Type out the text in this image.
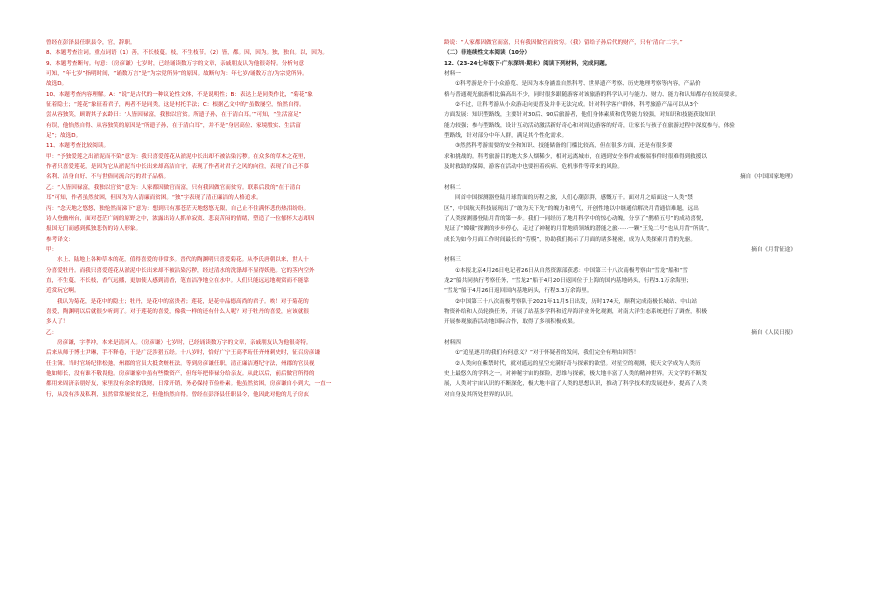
曾经在彭泽县任职县令，官，辞职。
8、本题考查注词。重点词语（1）善，不长枝蔓。枝，不生枝节。（2）皆，都。因，因为。独，独自。以，因为。
9、本题考查断句。句意：（房彦谦）七岁时，已经诵读数万字的文章，亲戚朋友认为他很奇特。分析句意
可知，“年七岁”指明时间，“诵数万言”是“为宗党所异”的原因。故断句为：年七岁/诵数万言/为宗党所异。
故选D。
10、本题考查内容理解。A：“说”是古代的一种议论性文体，不是说明性；B：表达上是同类作比，“菊花”象
征着隐士；“莲花”象征着君子，两者不是同类，这是衬托手法；C：根据乙文中的“虽数屡空，怡然自得。
尝从容独笑，顾谓其子玄龄曰：‘人皆因禄富，我独以官贫。所遗子孙，在于清白耳。’”可知，“生活富足”
有误，他怡然自得、从容独笑的原因是“所遗子孙，在于清白耳”，并不是“身居高位、家境殷实、生活富
足”；故选D。
11、本题考查比较阅读。
甲：“予独爱莲之出淤泥而不染”意为：我只喜爱莲花从淤泥中长出却不被沾染污秽。在众多的草木之花里，
作者只喜爱莲花，是因为它从淤泥当中长出来却高洁自守，表现了作者对君子之风的向往，表现了自己不慕
名利、洁身自好、不与世俗同流合污的君子品格。
乙：“人皆因禄富，我独以官贫”意为：人家都因做官而富，只有我因做官而贫穷。联系后段的“在于清白
耳”可知，作者虽然贫困，但因为为人清廉而贫困。“独”字表现了清正廉洁的人格追求。
丙：“念天地之悠悠，独怆然而涕下”意为：想到只有那苍茫天地悠悠无限，自己止不住满怀悲伤热泪纷纷。
诗人登幽州台，面对苍茫广阔的原野之中，浓露出诗人抓单寂寞、悲哀苦闷的情绪，塑造了一位郁怀大志却因
报国无门而感到孤独悲伤的诗人形象。
参考译文：
甲：
水上、陆地上各种草本的花，值得喜爱的非常多。晋代的陶渊明只喜爱菊花。从李氏唐朝以来，世人十
分喜爱牡丹。而我只喜爱莲花从淤泥中长出来却不被沾染污秽，经过清水的洗涤却不显得妖艳。它的茎内空外
直，不生蔓，不长枝，香气远播，更加使人感到清香，笔直洁净地立在水中。人们只能远远地观赏而不能靠
近赏玩它啊。
我认为菊花，是花中的隐士；牡丹，是花中的富贵者；莲花，是花中品德高尚的君子。唉！对于菊花的
喜爱，陶渊明以后就很少听到了。对于莲花的喜爱，像我一样的还有什么人呢？对于牡丹的喜爱，应该就很
多人了！
乙：
房彦谦，字孝冲，本来是清河人。（房彦谦）七岁时，已经诵读数万字的文章，亲戚朋友认为他很奇特。
后来从师于博士尹琳，手不释卷，于是广泛涉猎五经。十八岁时，恰好广宁王高孝珩任齐州刺史时，征召房彦谦
任主簿。当时官场纪律松弛，州郡的官员大抵贪赃枉法。等到房彦谦任职，清正廉洁遵纪守法，州郡的官员视
他如师长，没有谁不敬畏他。房彦谦家中虽有些微资产，但每年把俸禄分给亲友。从此以后，前后做官所得的
都用来周济亲朋好友，家里没有余余的钱财，日常开销，务必保持节俭朴素。他虽然贫困，房彦谦自小到大，一直一
行，从没有涉及私利，虽然常常屡贫贫乏，但他怡然自得。曾经在彭泽县任职县令，他因此对他的儿子房玄
龄说：“人家都因做官而富，只有我因做官而贫穷。（我）留给子孙后代的财产，只有‘清白’二字。”
（二）非连续性文本阅读（10分）
12.（23-24七年级下·广东深圳·期末）阅读下列材料，完成问题。
材料一
①科考游是介于小众游览、是因为本身涵盖自然科考、世界遗产考察、历史地理考察等内容，产品价
格与普通观光旅游相比偏高出不少，同时很多跟随游客对该旅游的科学认可与能力、财力、能力和认知都存在较高要求。
②不过，让科考游从小众游走向更普及并非无法完成。针对科学客户群体，科考旅游产品可以从3个
方面发展：知识型路线，主要针对30后、90后旅游者，他们身体素质和优势能力较强，对知识和技能获取知识
能力较强；参与型路线，设计互动活动激活新好奇心和对周边游客的好奇，让家长与孩子在旅游过程中深度参与，体验
型路线，针对部分中年人群，满足其个性化需求。
③然然科考游需要的安全和知识、技能储备的门槛比较高，但在很多方面，还是有很多要
求和挑战的。科考旅游目的地大多人烟稀少，相对远离城市，在遇到安全事件或极端事件时很难得到救援以
及时救助的保障，游客在活动中也要担着疾病、危机事件等带来的风险。
摘自《中国国家地理》
材料二
回首中国探测器登陆月球背面的历程之旅，人们心潮彭湃，感慨万千。面对月之暗面这一人类“禁
区”，中国航天科技展现出了“敢为天下先”的魄力和勇气，开创性地以中继通信解决月背通信难题，远出
了人类探测器登陆月背的第一步。我们一同经历了地月科学中的惊心动魄，分享了“鹊桥五号”的成功喜悦，
见证了“嫦娥”探测的步步停心，走过了神秘的月背地质领域的潜能之旅······一颗“王兔二号”也从月背“所畏”，
成长为如今月面工作时间最长的“劳模”，协助我们揭示了月面的诸多秘密，成为人类探索月背的先驱。
摘自《月背征途》
材料三
①本报北京4月26日电记者26日从自然资源部获悉：中国第三十八次南极考察由“雪龙”船和“雪
龙2”船共同执行考察任务，“雪龙2”船于4月20日返回位于上海的国内基地码头，行程3.1万余海里；
“雪龙”船于4月26日返回国内基地码头，行程3.3万余海里。
②中国第三十八次南极考察队于2021年11月5日出发，历时174天，顺利完成南极长城站、中山站
物资补给和人员轮换任务，开展了站基多学科和近岸海洋业务化观测，对南大洋生态系统进行了调查，积极
开展参观旅游活动地国际合作，取得了多项积极成果。
摘自《人民日报》
材料四
①“追星逐月的我们有何意义？”对于怀疑者的发问，我们完全有理由回答！
②人类向在紫禁时代，就对遥远的星空充满好奇与探索的欲望。对星空的观测，使天文学成为人类历
史上最悠久的学科之一。对神秘宇宙的探险，思维与探索，极大地丰富了人类的精神世界。天文学的不断发
展，人类对宇宙认识的不断深化，极大地丰富了人类的思想认识，推动了科学技术的发展进步，提高了人类
对自身及其所处世界的认识。
